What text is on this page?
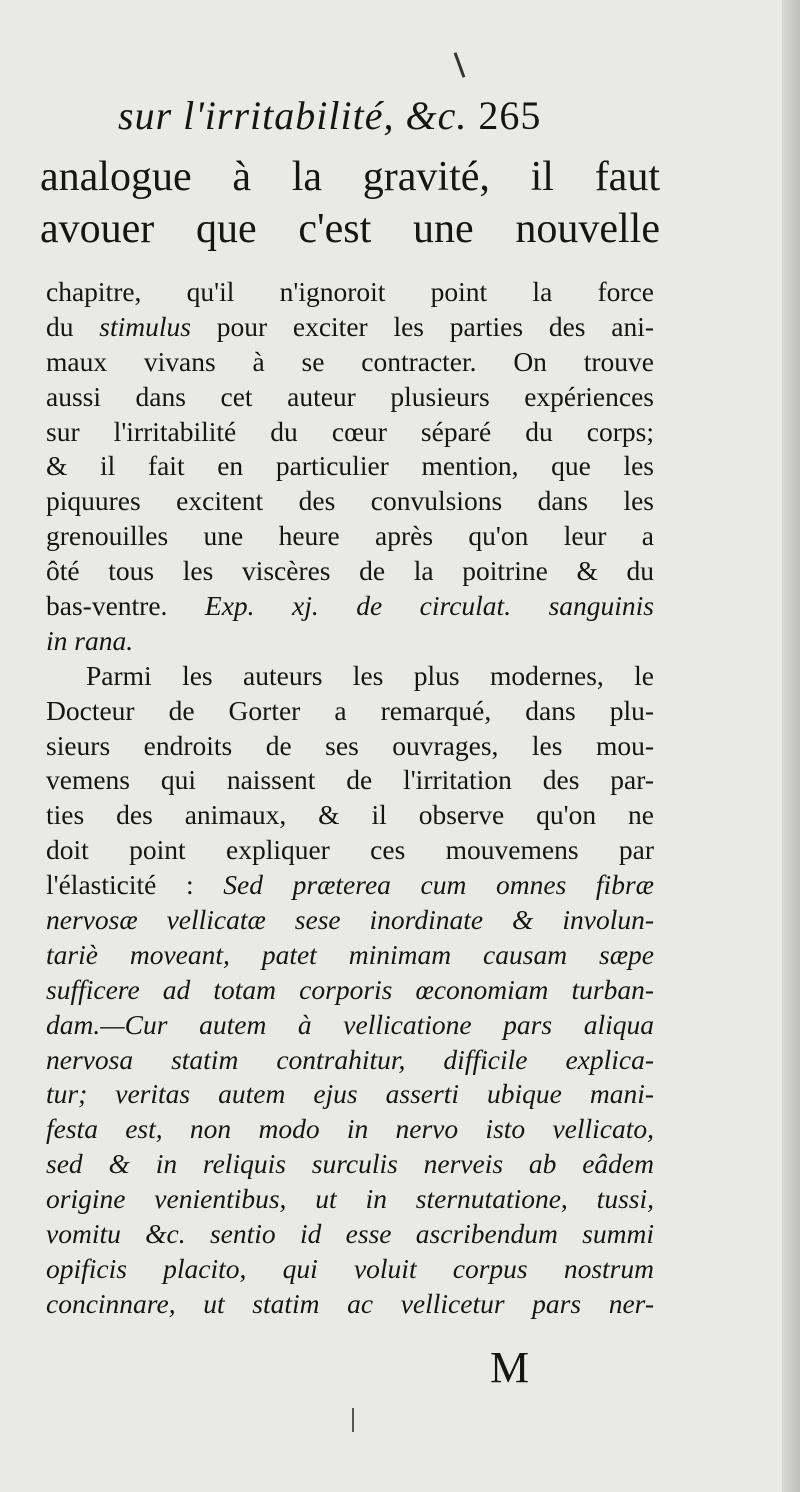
sur l'irritabilité, &c. 265
analogue à la gravité, il faut
avouer que c'est une nouvelle
chapitre, qu'il n'ignoroit point la force
du stimulus pour exciter les parties des ani-
maux vivans à se contracter. On trouve
aussi dans cet auteur plusieurs expériences
sur l'irritabilité du cœur séparé du corps;
& il fait en particulier mention, que les
piquures excitent des convulsions dans les
grenouilles une heure après qu'on leur a
ôté tous les viscères de la poitrine & du
bas-ventre. Exp. xj. de circulat. sanguinis
in rana.
Parmi les auteurs les plus modernes, le
Docteur de Gorter a remarqué, dans plu-
sieurs endroits de ses ouvrages, les mou-
vemens qui naissent de l'irritation des par-
ties des animaux, & il observe qu'on ne
doit point expliquer ces mouvemens par
l'élasticité : Sed præterea cum omnes fibræ
nervosæ vellicatæ sese inordinate & involun-
tariè moveant, patet minimam causam sæpe
sufficere ad totam corporis œconomiam turban-
dam.—Cur autem à vellicatione pars aliqua
nervosa statim contrahitur, difficile explica-
tur; veritas autem ejus asserti ubique mani-
festa est, non modo in nervo isto vellicato,
sed & in reliquis surculis nerveis ab eâdem
origine venientibus, ut in sternutatione, tussi,
vomitu &c. sentio id esse ascribendum summi
opificis placito, qui voluit corpus nostrum
concinnare, ut statim ac vellicetur pars ner-
M
